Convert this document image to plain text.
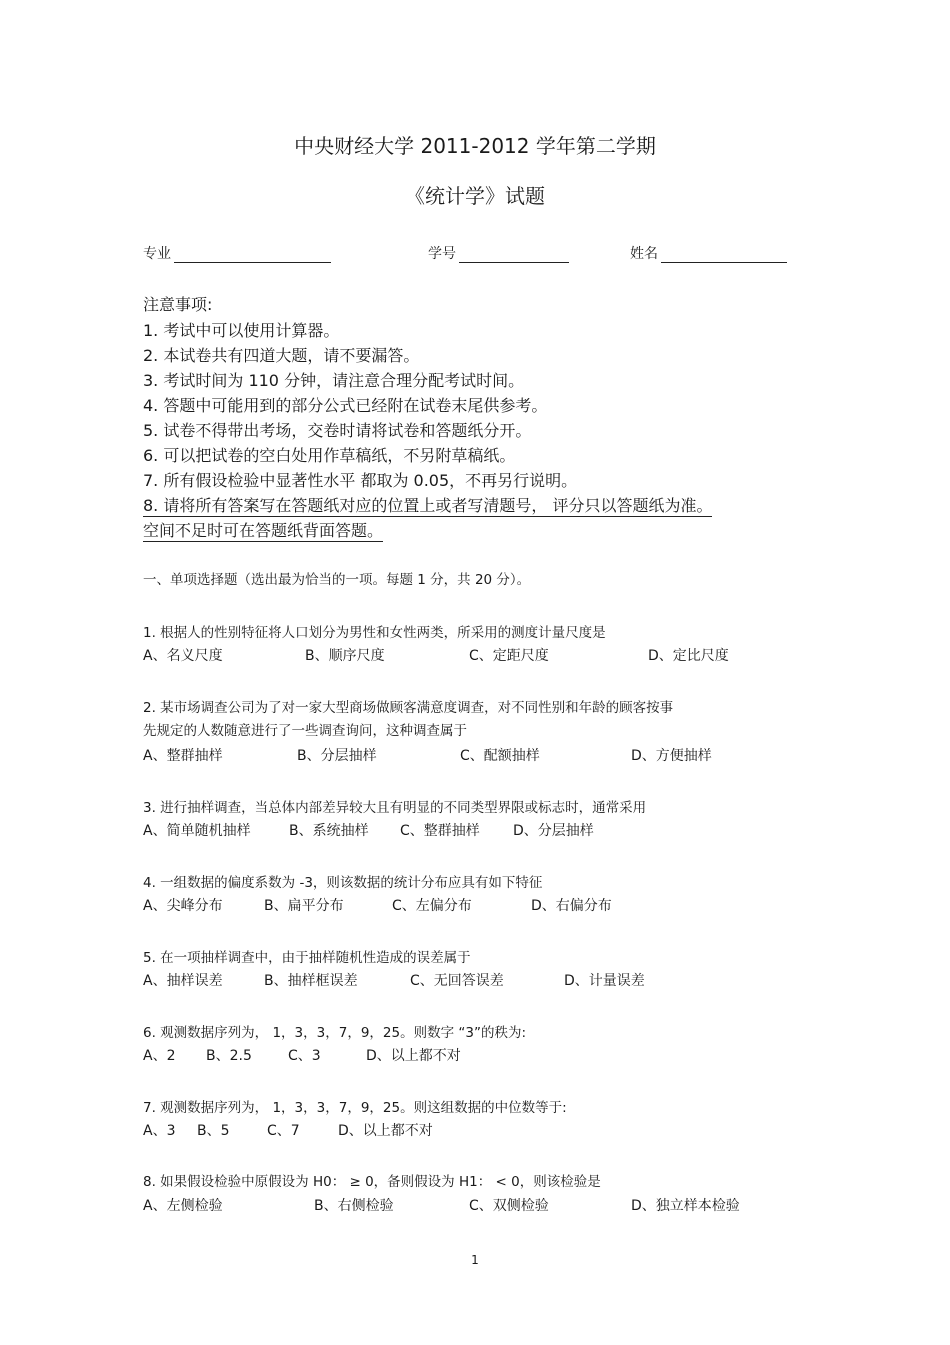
中央财经大学 2011-2012 学年第二学期
《统计学》试题
专业	学号	姓名
注意事项:
1. 考试中可以使用计算器。
2. 本试卷共有四道大题，请不要漏答。
3. 考试时间为 110 分钟，请注意合理分配考试时间。
4. 答题中可能用到的部分公式已经附在试卷末尾供参考。
5. 试卷不得带出考场，交卷时请将试卷和答题纸分开。
6. 可以把试卷的空白处用作草稿纸，不另附草稿纸。
7. 所有假设检验中显著性水平 都取为 0.05，不再另行说明。
8. 请将所有答案写在答题纸对应的位置上或者写清题号， 评分只以答题纸为准。
空间不足时可在答题纸背面答题。
一、单项选择题（选出最为恰当的一项。每题 1 分，共 20 分）。
1. 根据人的性别特征将人口划分为男性和女性两类，所采用的测度计量尺度是
A、名义尺度	B、顺序尺度	C、定距尺度	D、定比尺度
2. 某市场调查公司为了对一家大型商场做顾客满意度调查，对不同性别和年龄的顾客按事
先规定的人数随意进行了一些调查询问，这种调查属于
A、整群抽样	B、分层抽样	C、配额抽样	D、方便抽样
3. 进行抽样调查，当总体内部差异较大且有明显的不同类型界限或标志时，通常采用
A、简单随机抽样	B、系统抽样 C、整群抽样 D、分层抽样
4. 一组数据的偏度系数为 -3，则该数据的统计分布应具有如下特征
A、尖峰分布	B、扁平分布	C、左偏分布	D、右偏分布
5. 在一项抽样调查中，由于抽样随机性造成的误差属于
A、抽样误差	B、抽样框误差	C、无回答误差	D、计量误差
6. 观测数据序列为， 1，3，3，7，9，25。则数字 “3”的秩为:
A、2 B、2.5	C、3	D、以上都不对
7. 观测数据序列为， 1，3，3，7，9，25。则这组数据的中位数等于:
A、3 B、5	C、7	D、以上都不对
8. 如果假设检验中原假设为 H0： ≥ 0，备则假设为 H1： < 0，则该检验是
A、左侧检验	B、右侧检验	C、双侧检验	D、独立样本检验
1
